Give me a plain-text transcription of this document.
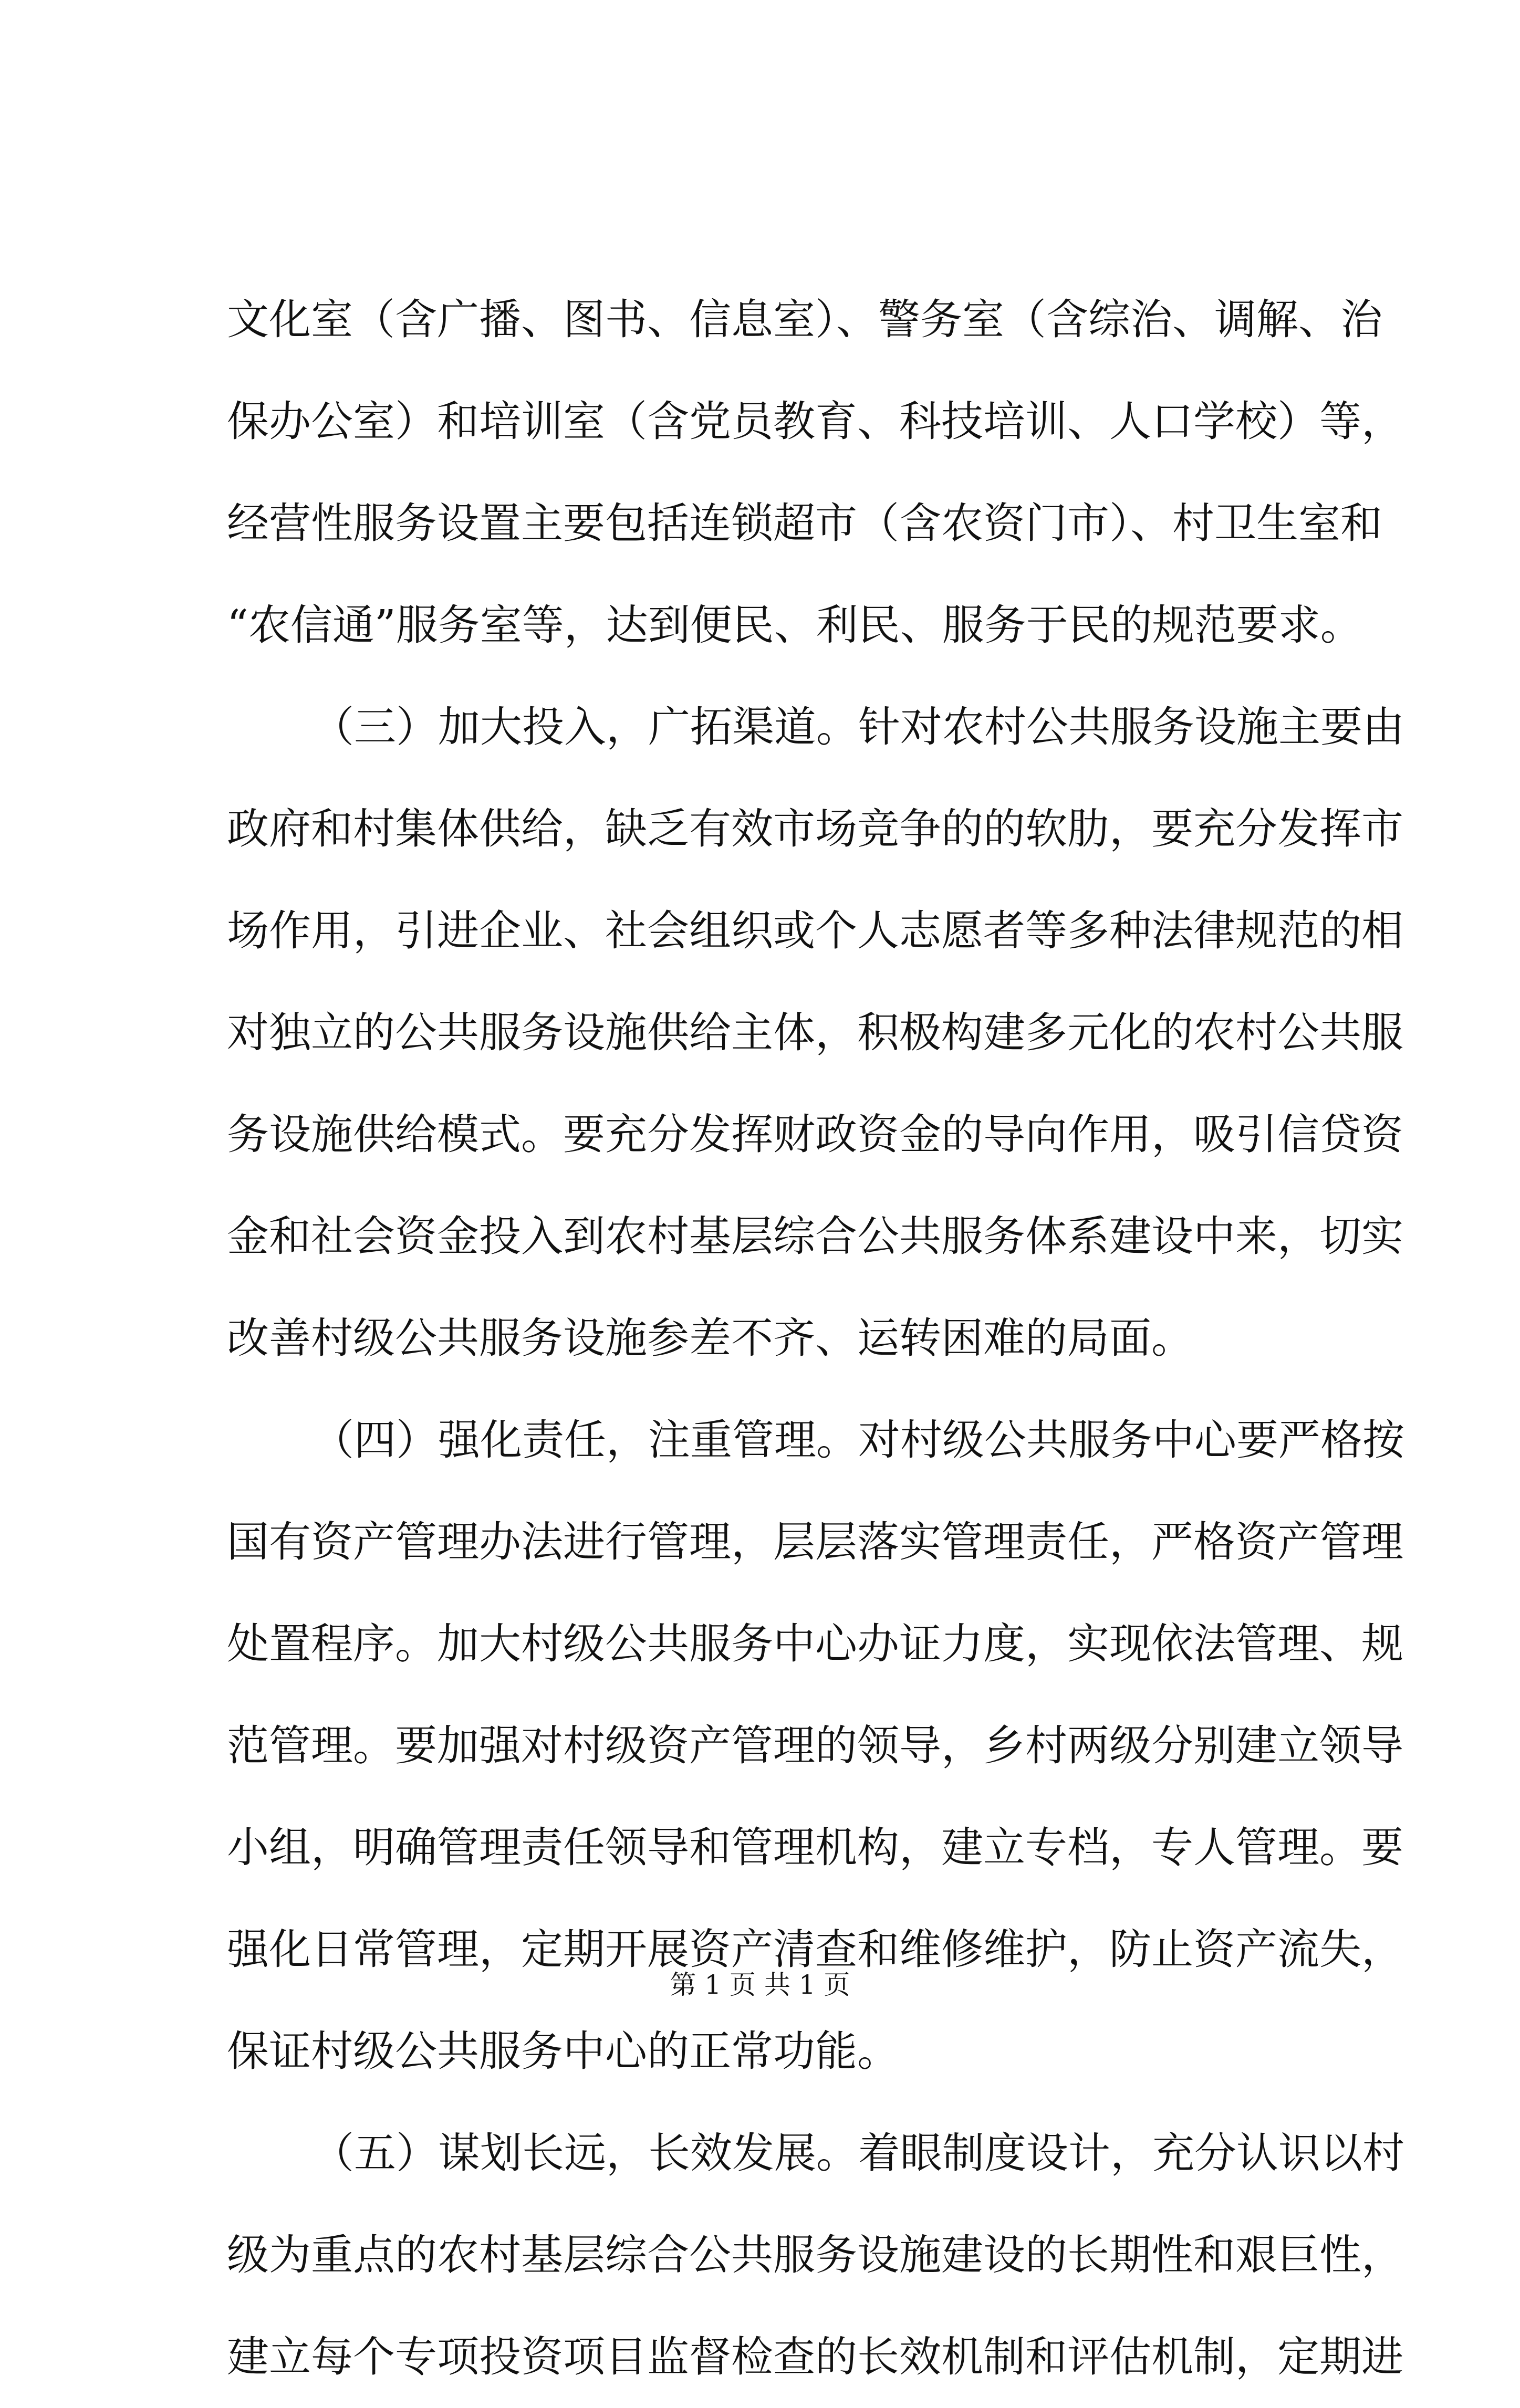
文化室（含广播、图书、信息室）、警务室（含综治、调解、治
保办公室）和培训室（含党员教育、科技培训、人口学校）等，
经营性服务设置主要包括连锁超市（含农资门市）、村卫生室和
“农信通”服务室等，达到便民、利民、服务于民的规范要求。
（三）加大投入，广拓渠道。针对农村公共服务设施主要由
政府和村集体供给，缺乏有效市场竞争的的软肋，要充分发挥市
场作用，引进企业、社会组织或个人志愿者等多种法律规范的相
对独立的公共服务设施供给主体，积极构建多元化的农村公共服
务设施供给模式。要充分发挥财政资金的导向作用，吸引信贷资
金和社会资金投入到农村基层综合公共服务体系建设中来，切实
改善村级公共服务设施参差不齐、运转困难的局面。
（四）强化责任，注重管理。对村级公共服务中心要严格按
国有资产管理办法进行管理，层层落实管理责任，严格资产管理
处置程序。加大村级公共服务中心办证力度，实现依法管理、规
范管理。要加强对村级资产管理的领导，乡村两级分别建立领导
小组，明确管理责任领导和管理机构，建立专档，专人管理。要
强化日常管理，定期开展资产清查和维修维护，防止资产流失，
保证村级公共服务中心的正常功能。
（五）谋划长远，长效发展。着眼制度设计，充分认识以村
级为重点的农村基层综合公共服务设施建设的长期性和艰巨性，
建立每个专项投资项目监督检查的长效机制和评估机制，定期进
第 1 页 共 1 页
